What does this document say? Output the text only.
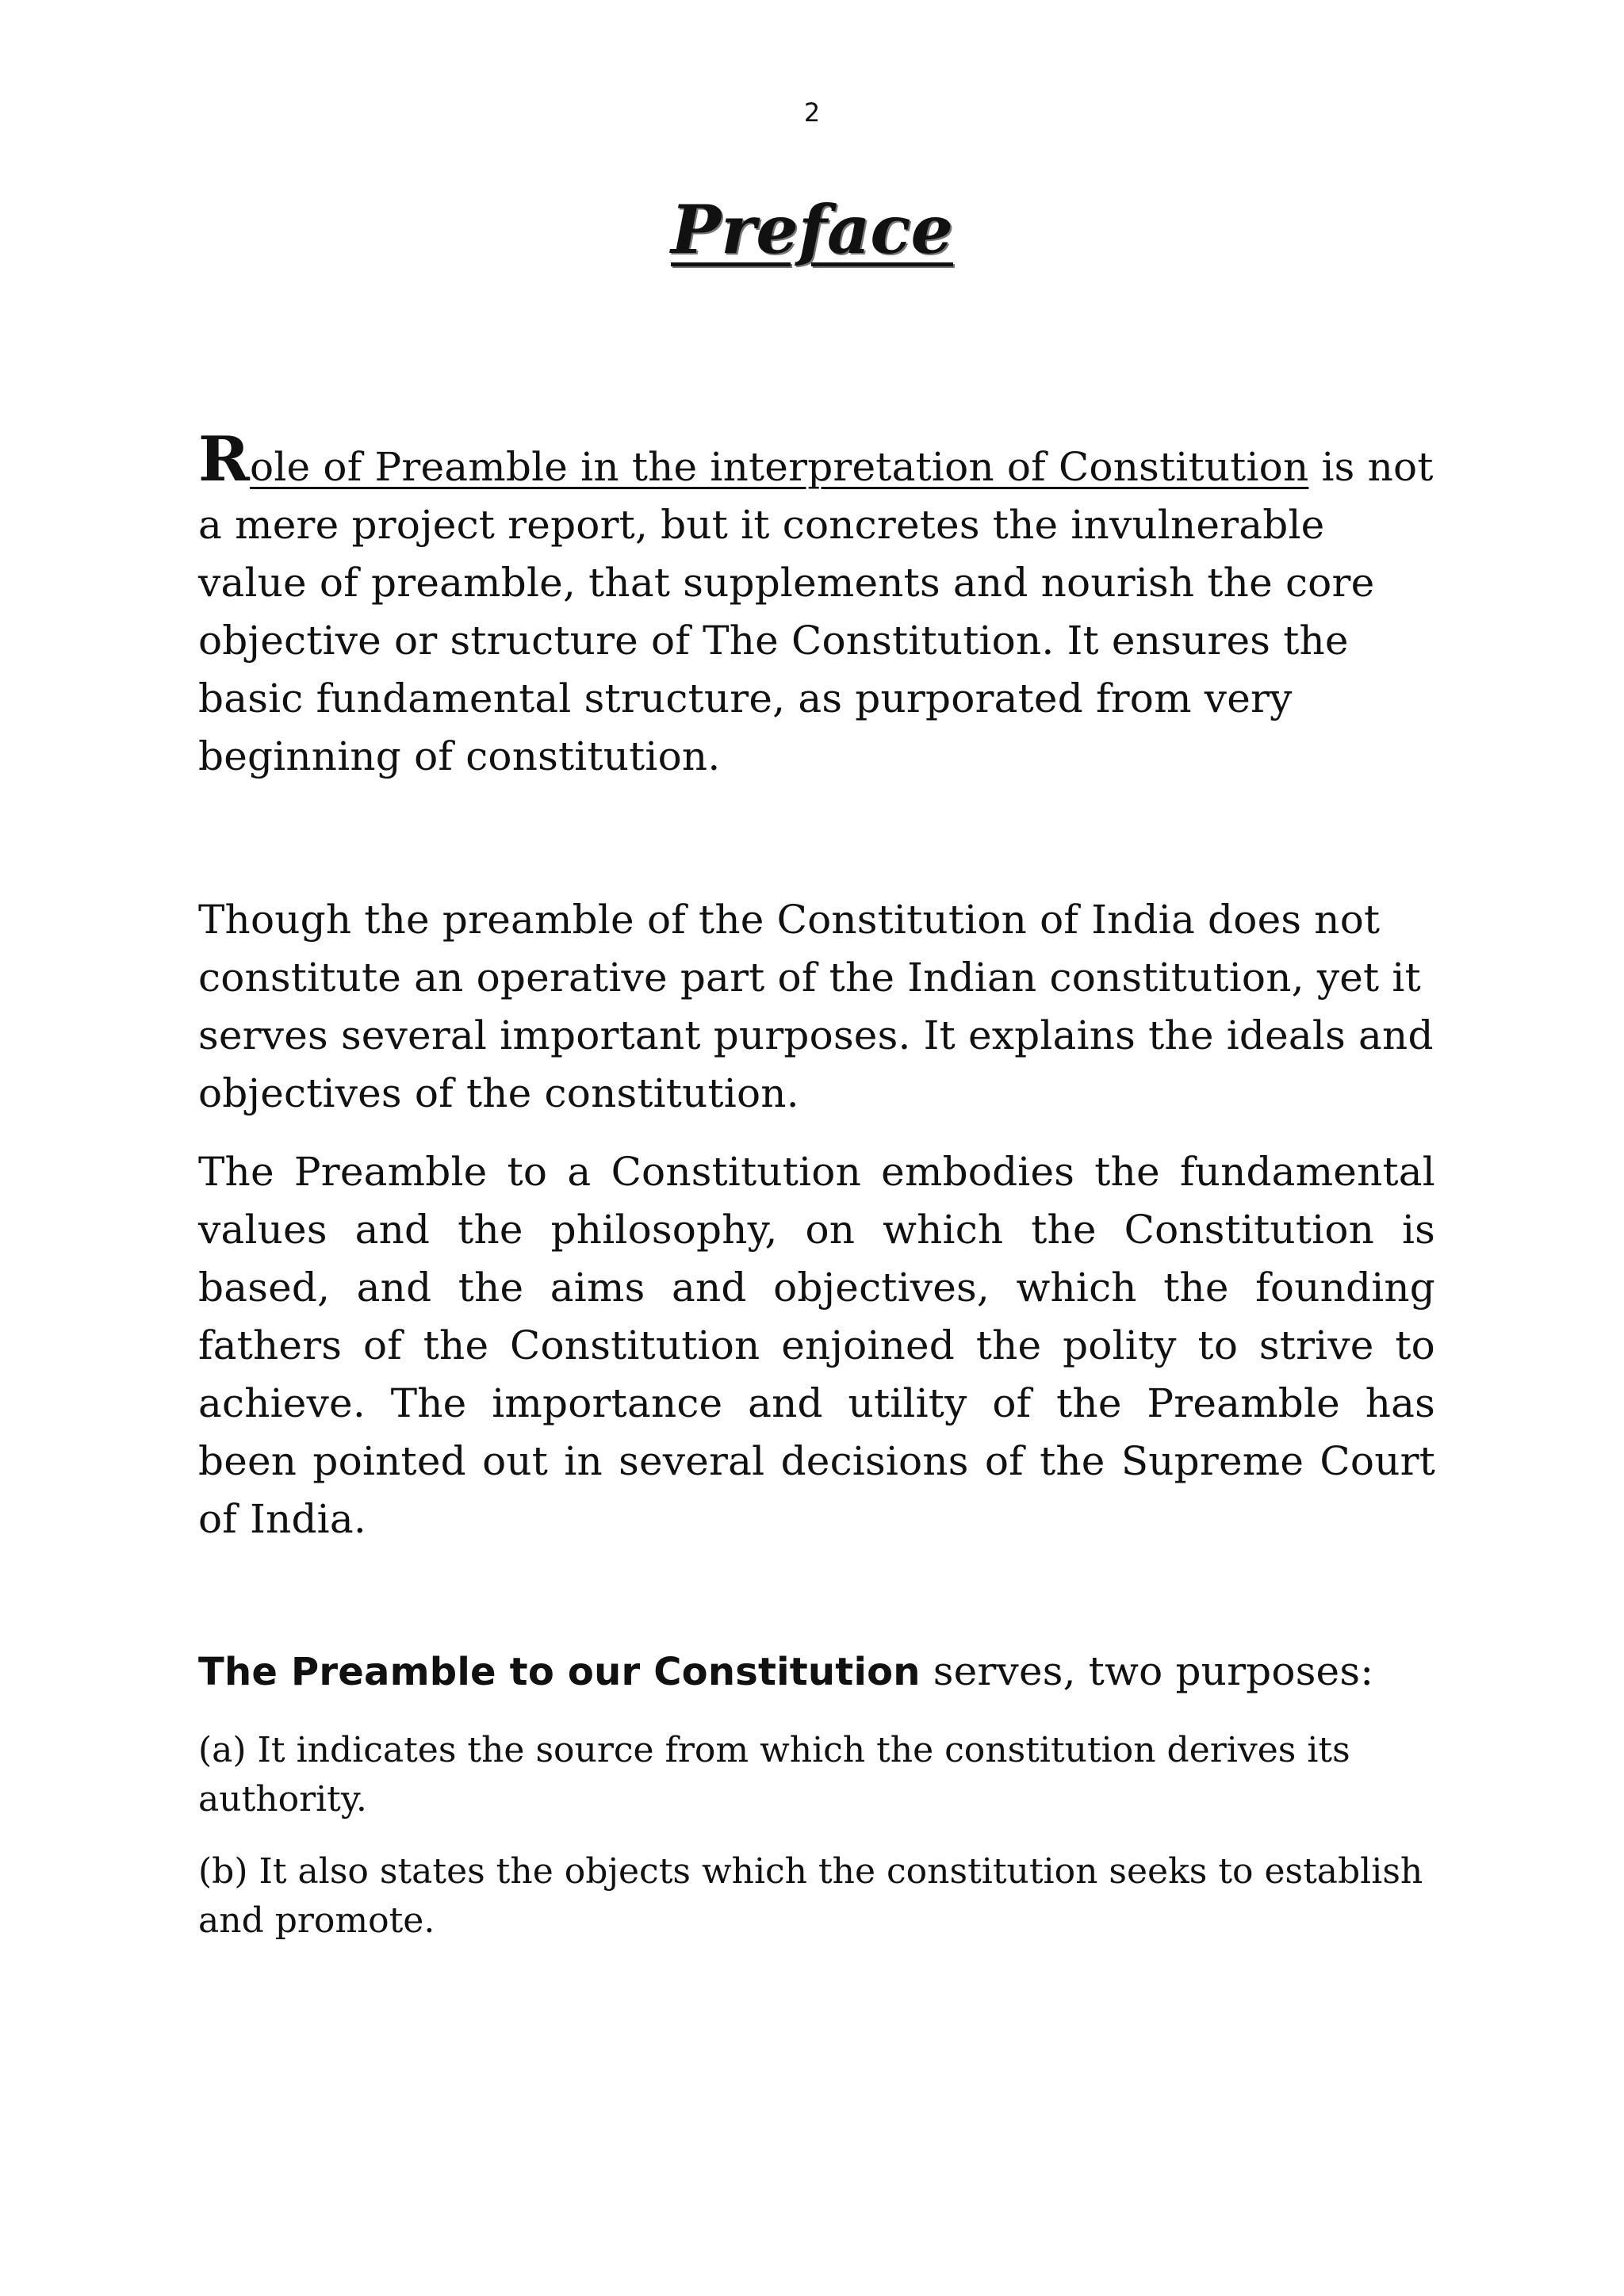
2
Preface

Role of Preamble in the interpretation of Constitution is not a mere project report, but it concretes the invulnerable value of preamble, that supplements and nourish the core objective or structure of The Constitution. It ensures the basic fundamental structure, as purporated from very beginning of constitution.

Though the preamble of the Constitution of India does not constitute an operative part of the Indian constitution, yet it serves several important purposes. It explains the ideals and objectives of the constitution.

The Preamble to a Constitution embodies the fundamental values and the philosophy, on which the Constitution is based, and the aims and objectives, which the founding fathers of the Constitution enjoined the polity to strive to achieve. The importance and utility of the Preamble has been pointed out in several decisions of the Supreme Court of India.

The Preamble to our Constitution serves, two purposes:

(a) It indicates the source from which the constitution derives its authority.

(b) It also states the objects which the constitution seeks to establish and promote.
